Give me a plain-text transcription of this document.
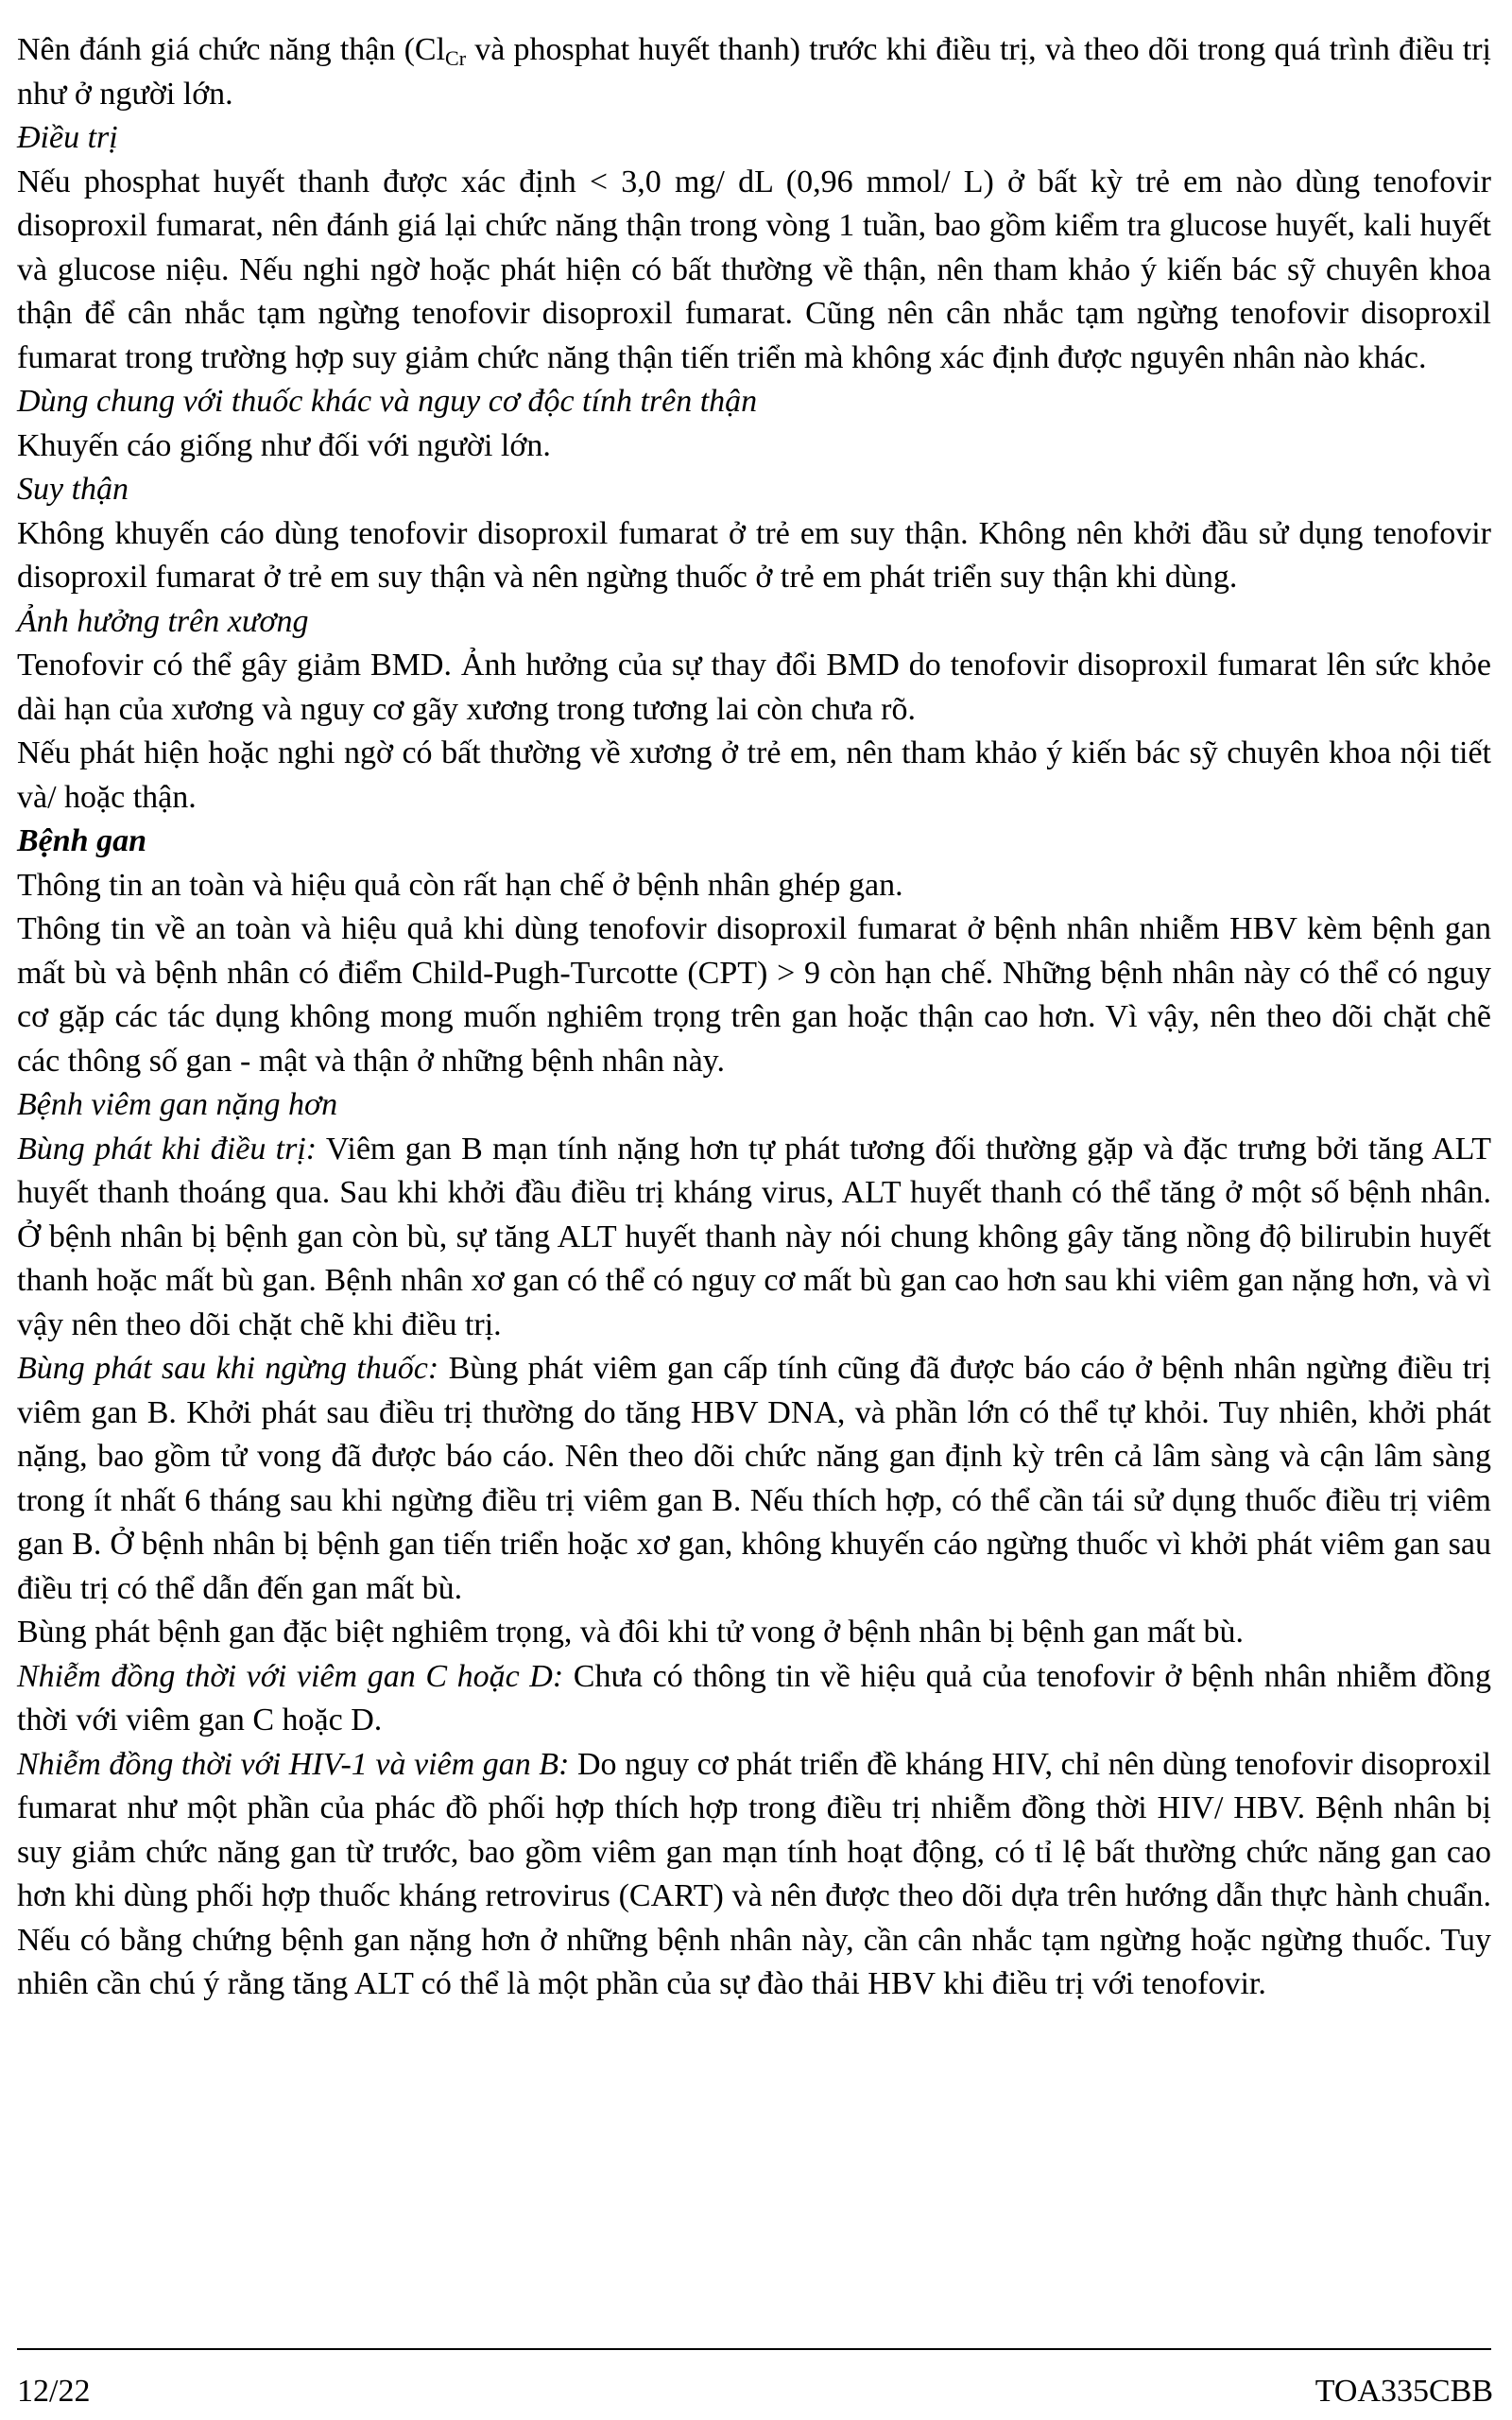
Nên đánh giá chức năng thận ($Cl_{Cr}$ và phosphat huyết thanh) trước khi điều trị, và theo dõi trong quá trình điều trị như ở người lớn.

Điều trị

Nếu phosphat huyết thanh được xác định < 3,0 mg/ dL (0,96 mmol/ L) ở bất kỳ trẻ em nào dùng tenofovir disoproxil fumarat, nên đánh giá lại chức năng thận trong vòng 1 tuần, bao gồm kiểm tra glucose huyết, kali huyết và glucose niệu. Nếu nghi ngờ hoặc phát hiện có bất thường về thận, nên tham khảo ý kiến bác sỹ chuyên khoa thận để cân nhắc tạm ngừng tenofovir disoproxil fumarat. Cũng nên cân nhắc tạm ngừng tenofovir disoproxil fumarat trong trường hợp suy giảm chức năng thận tiến triển mà không xác định được nguyên nhân nào khác.

Dùng chung với thuốc khác và nguy cơ độc tính trên thận

Khuyến cáo giống như đối với người lớn.

Suy thận

Không khuyến cáo dùng tenofovir disoproxil fumarat ở trẻ em suy thận. Không nên khởi đầu sử dụng tenofovir disoproxil fumarat ở trẻ em suy thận và nên ngừng thuốc ở trẻ em phát triển suy thận khi dùng.

Ảnh hưởng trên xương

Tenofovir có thể gây giảm BMD. Ảnh hưởng của sự thay đổi BMD do tenofovir disoproxil fumarat lên sức khỏe dài hạn của xương và nguy cơ gãy xương trong tương lai còn chưa rõ.

Nếu phát hiện hoặc nghi ngờ có bất thường về xương ở trẻ em, nên tham khảo ý kiến bác sỹ chuyên khoa nội tiết và/ hoặc thận.

Bệnh gan

Thông tin an toàn và hiệu quả còn rất hạn chế ở bệnh nhân ghép gan.

Thông tin về an toàn và hiệu quả khi dùng tenofovir disoproxil fumarat ở bệnh nhân nhiễm HBV kèm bệnh gan mất bù và bệnh nhân có điểm Child-Pugh-Turcotte (CPT) > 9 còn hạn chế. Những bệnh nhân này có thể có nguy cơ gặp các tác dụng không mong muốn nghiêm trọng trên gan hoặc thận cao hơn. Vì vậy, nên theo dõi chặt chẽ các thông số gan - mật và thận ở những bệnh nhân này.

Bệnh viêm gan nặng hơn

Bùng phát khi điều trị: Viêm gan B mạn tính nặng hơn tự phát tương đối thường gặp và đặc trưng bởi tăng ALT huyết thanh thoáng qua. Sau khi khởi đầu điều trị kháng virus, ALT huyết thanh có thể tăng ở một số bệnh nhân. Ở bệnh nhân bị bệnh gan còn bù, sự tăng ALT huyết thanh này nói chung không gây tăng nồng độ bilirubin huyết thanh hoặc mất bù gan. Bệnh nhân xơ gan có thể có nguy cơ mất bù gan cao hơn sau khi viêm gan nặng hơn, và vì vậy nên theo dõi chặt chẽ khi điều trị.

Bùng phát sau khi ngừng thuốc: Bùng phát viêm gan cấp tính cũng đã được báo cáo ở bệnh nhân ngừng điều trị viêm gan B. Khởi phát sau điều trị thường do tăng HBV DNA, và phần lớn có thể tự khỏi. Tuy nhiên, khởi phát nặng, bao gồm tử vong đã được báo cáo. Nên theo dõi chức năng gan định kỳ trên cả lâm sàng và cận lâm sàng trong ít nhất 6 tháng sau khi ngừng điều trị viêm gan B. Nếu thích hợp, có thể cần tái sử dụng thuốc điều trị viêm gan B. Ở bệnh nhân bị bệnh gan tiến triển hoặc xơ gan, không khuyến cáo ngừng thuốc vì khởi phát viêm gan sau điều trị có thể dẫn đến gan mất bù.

Bùng phát bệnh gan đặc biệt nghiêm trọng, và đôi khi tử vong ở bệnh nhân bị bệnh gan mất bù.

Nhiễm đồng thời với viêm gan C hoặc D: Chưa có thông tin về hiệu quả của tenofovir ở bệnh nhân nhiễm đồng thời với viêm gan C hoặc D.

Nhiễm đồng thời với HIV-1 và viêm gan B: Do nguy cơ phát triển đề kháng HIV, chỉ nên dùng tenofovir disoproxil fumarat như một phần của phác đồ phối hợp thích hợp trong điều trị nhiễm đồng thời HIV/ HBV. Bệnh nhân bị suy giảm chức năng gan từ trước, bao gồm viêm gan mạn tính hoạt động, có tỉ lệ bất thường chức năng gan cao hơn khi dùng phối hợp thuốc kháng retrovirus (CART) và nên được theo dõi dựa trên hướng dẫn thực hành chuẩn. Nếu có bằng chứng bệnh gan nặng hơn ở những bệnh nhân này, cần cân nhắc tạm ngừng hoặc ngừng thuốc. Tuy nhiên cần chú ý rằng tăng ALT có thể là một phần của sự đào thải HBV khi điều trị với tenofovir.

12/22	TOA335CBB
